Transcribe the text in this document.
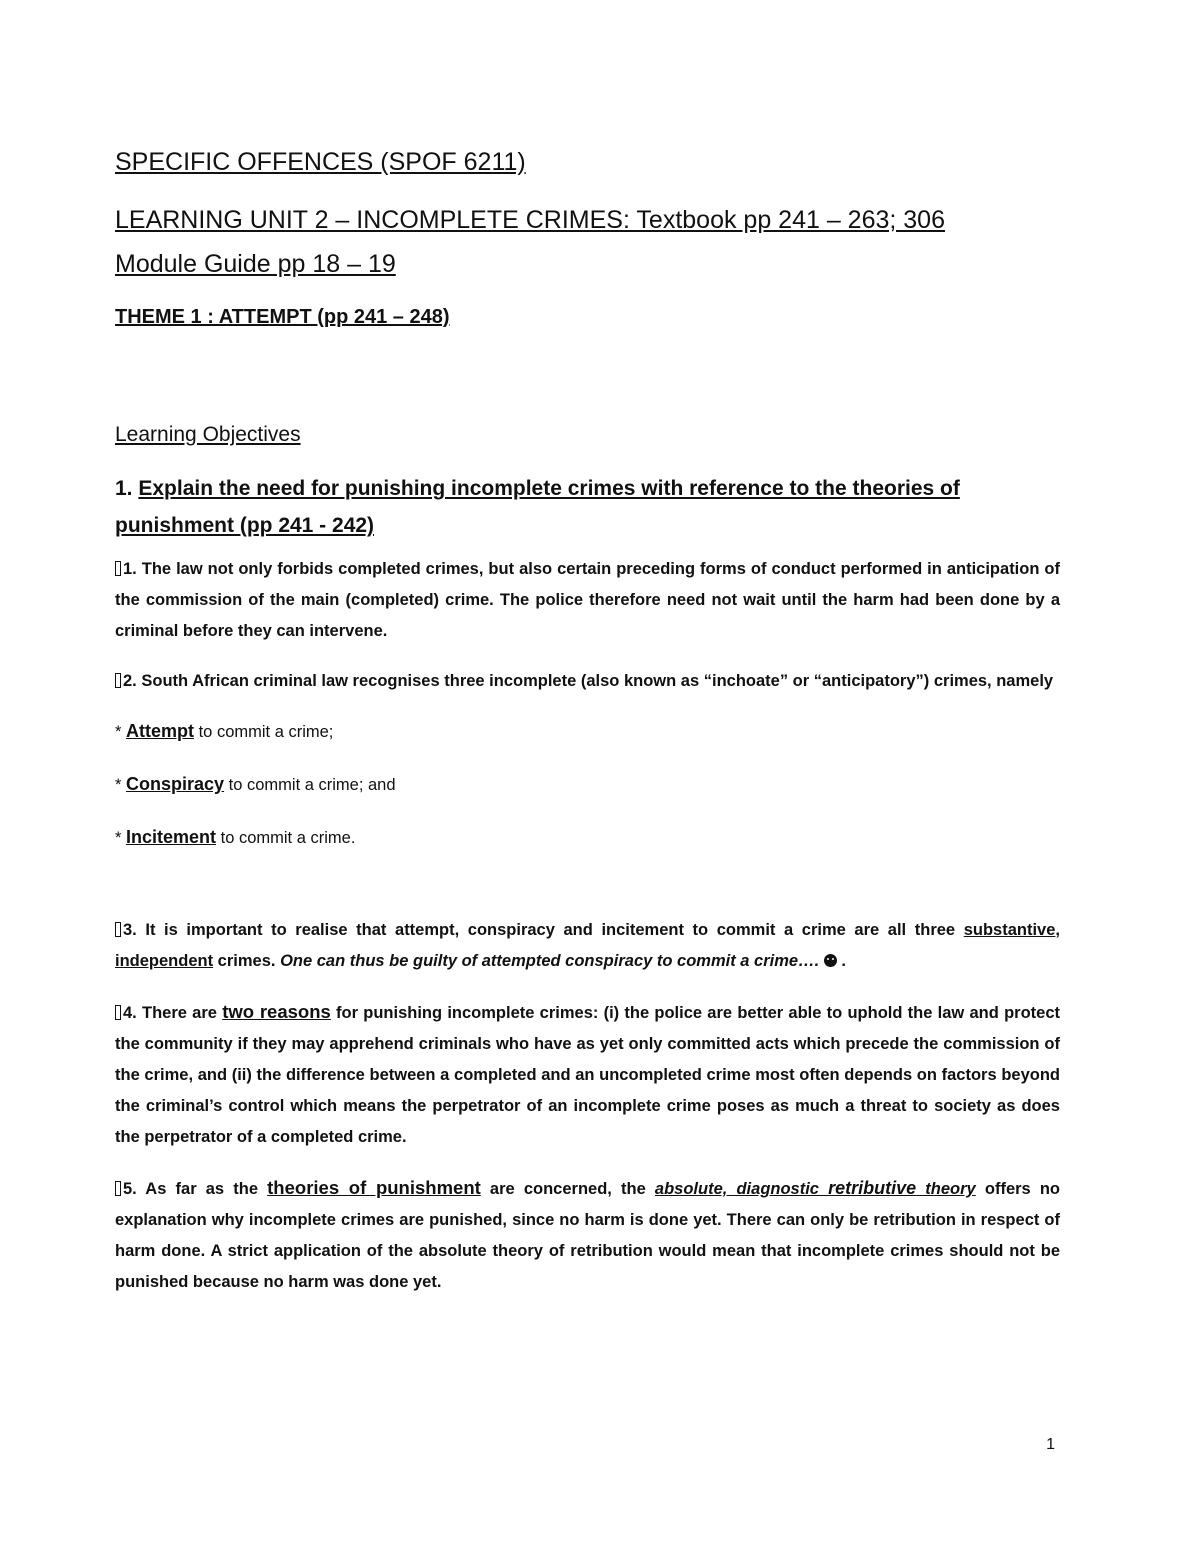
SPECIFIC OFFENCES (SPOF 6211)
LEARNING UNIT 2 – INCOMPLETE CRIMES: Textbook pp 241 – 263; 306
Module Guide pp 18 – 19
THEME 1 : ATTEMPT (pp 241 – 248)
Learning Objectives
1. Explain the need for punishing incomplete crimes with reference to the theories of punishment (pp 241 - 242)

1. The law not only forbids completed crimes, but also certain preceding forms of conduct performed in anticipation of the commission of the main (completed) crime. The police therefore need not wait until the harm had been done by a criminal before they can intervene.

2. South African criminal law recognises three incomplete (also known as “inchoate” or “anticipatory”) crimes, namely

* Attempt to commit a crime;
* Conspiracy to commit a crime; and
* Incitement to commit a crime.

3. It is important to realise that attempt, conspiracy and incitement to commit a crime are all three substantive, independent crimes. One can thus be guilty of attempted conspiracy to commit a crime….  .

4. There are two reasons for punishing incomplete crimes: (i) the police are better able to uphold the law and protect the community if they may apprehend criminals who have as yet only committed acts which precede the commission of the crime, and (ii) the difference between a completed and an uncompleted crime most often depends on factors beyond the criminal’s control which means the perpetrator of an incomplete crime poses as much a threat to society as does the perpetrator of a completed crime.

5. As far as the theories of punishment are concerned, the absolute, diagnostic retributive theory offers no explanation why incomplete crimes are punished, since no harm is done yet. There can only be retribution in respect of harm done. A strict application of the absolute theory of retribution would mean that incomplete crimes should not be punished because no harm was done yet.

1
